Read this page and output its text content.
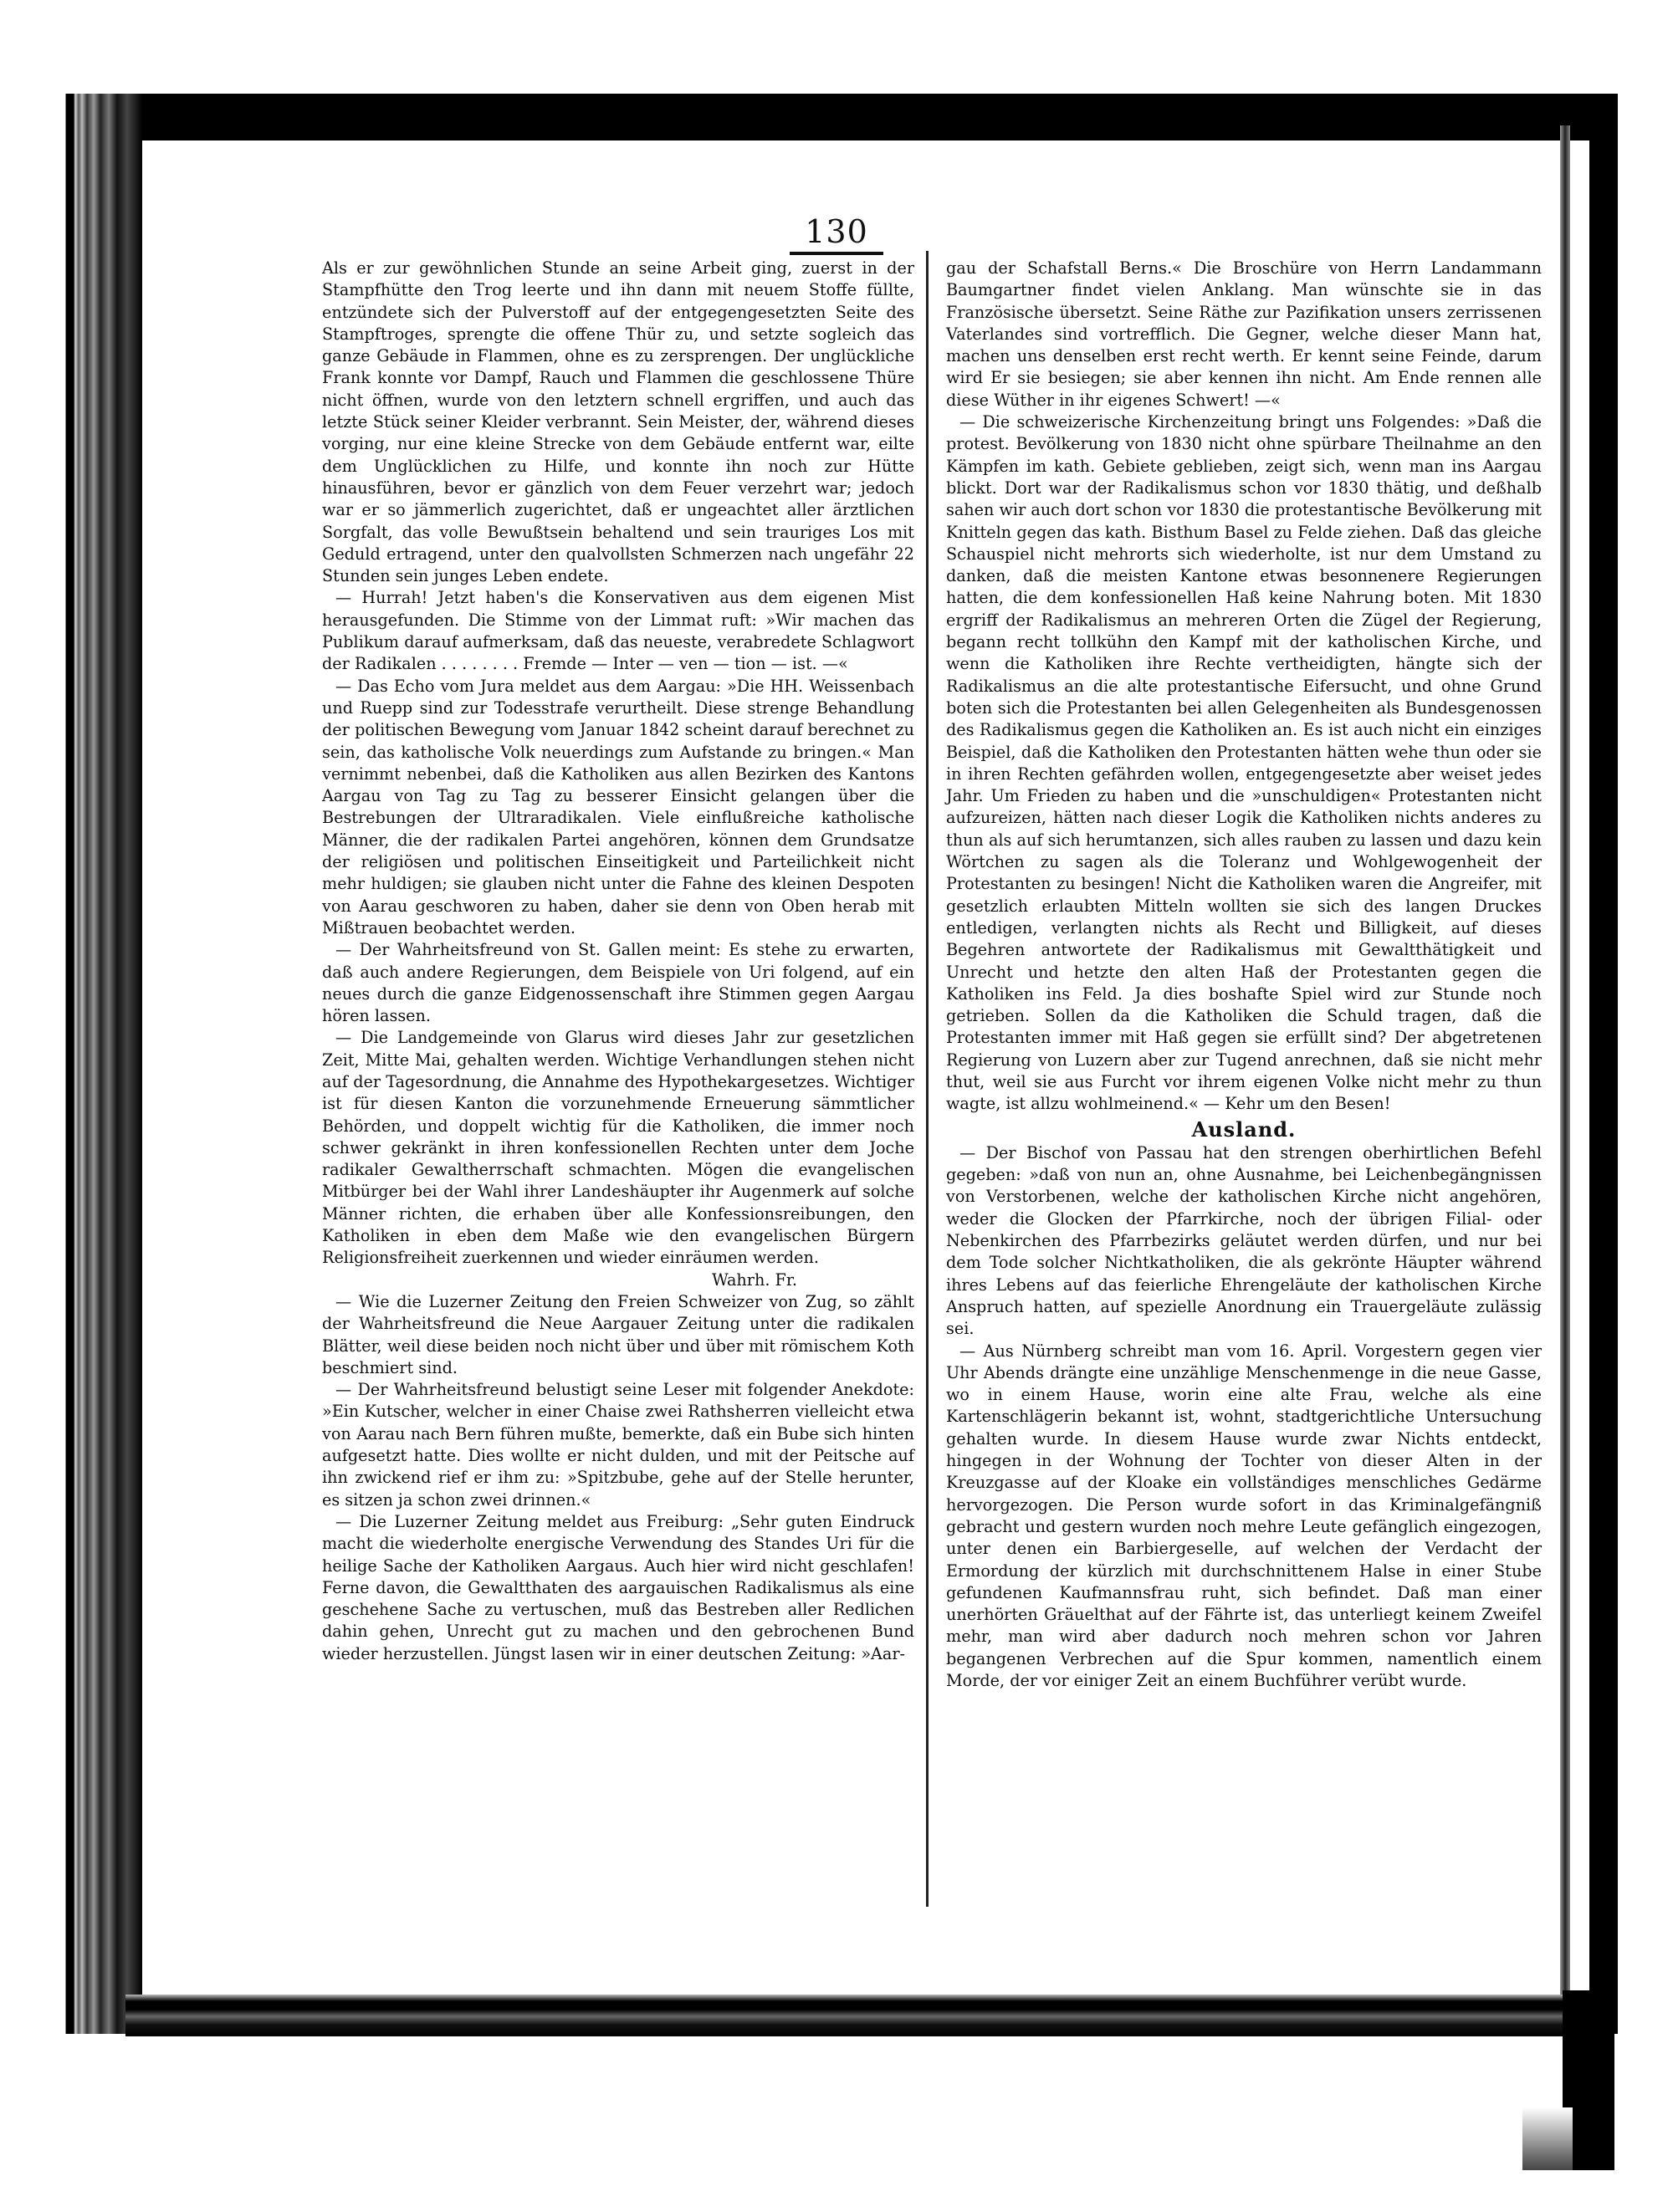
130

Als er zur gewöhnlichen Stunde an seine Arbeit ging, zuerst in der Stampfhütte den Trog leerte und ihn dann mit neuem Stoffe füllte, entzündete sich der Pulverstoff auf der entgegengesetzten Seite des Stampftroges, sprengte die offene Thür zu, und setzte sogleich das ganze Gebäude in Flammen, ohne es zu zersprengen. Der unglückliche Frank konnte vor Dampf, Rauch und Flammen die geschlossene Thüre nicht öffnen, wurde von den letztern schnell ergriffen, und auch das letzte Stück seiner Kleider verbrannt. Sein Meister, der, während dieses vorging, nur eine kleine Strecke von dem Gebäude entfernt war, eilte dem Unglücklichen zu Hilfe, und konnte ihn noch zur Hütte hinausführen, bevor er gänzlich von dem Feuer verzehrt war; jedoch war er so jämmerlich zugerichtet, daß er ungeachtet aller ärztlichen Sorgfalt, das volle Bewußtsein behaltend und sein trauriges Los mit Geduld ertragend, unter den qualvollsten Schmerzen nach ungefähr 22 Stunden sein junges Leben endete.

— Hurrah! Jetzt haben's die Konservativen aus dem eigenen Mist herausgefunden. Die Stimme von der Limmat ruft: »Wir machen das Publikum darauf aufmerksam, daß das neueste, verabredete Schlagwort der Radikalen . . . . . . . . Fremde — Inter — ven — tion — ist. —«

— Das Echo vom Jura meldet aus dem Aargau: »Die HH. Weissenbach und Ruepp sind zur Todesstrafe verurtheilt. Diese strenge Behandlung der politischen Bewegung vom Januar 1842 scheint darauf berechnet zu sein, das katholische Volk neuerdings zum Aufstande zu bringen.« Man vernimmt nebenbei, daß die Katholiken aus allen Bezirken des Kantons Aargau von Tag zu Tag zu besserer Einsicht gelangen über die Bestrebungen der Ultraradikalen. Viele einflußreiche katholische Männer, die der radikalen Partei angehören, können dem Grundsatze der religiösen und politischen Einseitigkeit und Parteilichkeit nicht mehr huldigen; sie glauben nicht unter die Fahne des kleinen Despoten von Aarau geschworen zu haben, daher sie denn von Oben herab mit Mißtrauen beobachtet werden.

— Der Wahrheitsfreund von St. Gallen meint: Es stehe zu erwarten, daß auch andere Regierungen, dem Beispiele von Uri folgend, auf ein neues durch die ganze Eidgenossenschaft ihre Stimmen gegen Aargau hören lassen.

— Die Landgemeinde von Glarus wird dieses Jahr zur gesetzlichen Zeit, Mitte Mai, gehalten werden. Wichtige Verhandlungen stehen nicht auf der Tagesordnung, die Annahme des Hypothekargesetzes. Wichtiger ist für diesen Kanton die vorzunehmende Erneuerung sämmtlicher Behörden, und doppelt wichtig für die Katholiken, die immer noch schwer gekränkt in ihren konfessionellen Rechten unter dem Joche radikaler Gewaltherrschaft schmachten. Mögen die evangelischen Mitbürger bei der Wahl ihrer Landeshäupter ihr Augenmerk auf solche Männer richten, die erhaben über alle Konfessionsreibungen, den Katholiken in eben dem Maße wie den evangelischen Bürgern Religionsfreiheit zuerkennen und wieder einräumen werden.

Wahrh. Fr.

— Wie die Luzerner Zeitung den Freien Schweizer von Zug, so zählt der Wahrheitsfreund die Neue Aargauer Zeitung unter die radikalen Blätter, weil diese beiden noch nicht über und über mit römischem Koth beschmiert sind.

— Der Wahrheitsfreund belustigt seine Leser mit folgender Anekdote: »Ein Kutscher, welcher in einer Chaise zwei Rathsherren vielleicht etwa von Aarau nach Bern führen mußte, bemerkte, daß ein Bube sich hinten aufgesetzt hatte. Dies wollte er nicht dulden, und mit der Peitsche auf ihn zwickend rief er ihm zu: »Spitzbube, gehe auf der Stelle herunter, es sitzen ja schon zwei drinnen.«

— Die Luzerner Zeitung meldet aus Freiburg: „Sehr guten Eindruck macht die wiederholte energische Verwendung des Standes Uri für die heilige Sache der Katholiken Aargaus. Auch hier wird nicht geschlafen! Ferne davon, die Gewaltthaten des aargauischen Radikalismus als eine geschehene Sache zu vertuschen, muß das Bestreben aller Redlichen dahin gehen, Unrecht gut zu machen und den gebrochenen Bund wieder herzustellen. Jüngst lasen wir in einer deutschen Zeitung: »Aar-

gau der Schafstall Berns.« Die Broschüre von Herrn Landammann Baumgartner findet vielen Anklang. Man wünschte sie in das Französische übersetzt. Seine Räthe zur Pazifikation unsers zerrissenen Vaterlandes sind vortrefflich. Die Gegner, welche dieser Mann hat, machen uns denselben erst recht werth. Er kennt seine Feinde, darum wird Er sie besiegen; sie aber kennen ihn nicht. Am Ende rennen alle diese Wüther in ihr eigenes Schwert! —«

— Die schweizerische Kirchenzeitung bringt uns Folgendes: »Daß die protest. Bevölkerung von 1830 nicht ohne spürbare Theilnahme an den Kämpfen im kath. Gebiete geblieben, zeigt sich, wenn man ins Aargau blickt. Dort war der Radikalismus schon vor 1830 thätig, und deßhalb sahen wir auch dort schon vor 1830 die protestantische Bevölkerung mit Knitteln gegen das kath. Bisthum Basel zu Felde ziehen. Daß das gleiche Schauspiel nicht mehrorts sich wiederholte, ist nur dem Umstand zu danken, daß die meisten Kantone etwas besonnenere Regierungen hatten, die dem konfessionellen Haß keine Nahrung boten. Mit 1830 ergriff der Radikalismus an mehreren Orten die Zügel der Regierung, begann recht tollkühn den Kampf mit der katholischen Kirche, und wenn die Katholiken ihre Rechte vertheidigten, hängte sich der Radikalismus an die alte protestantische Eifersucht, und ohne Grund boten sich die Protestanten bei allen Gelegenheiten als Bundesgenossen des Radikalismus gegen die Katholiken an. Es ist auch nicht ein einziges Beispiel, daß die Katholiken den Protestanten hätten wehe thun oder sie in ihren Rechten gefährden wollen, entgegengesetzte aber weiset jedes Jahr. Um Frieden zu haben und die »unschuldigen« Protestanten nicht aufzureizen, hätten nach dieser Logik die Katholiken nichts anderes zu thun als auf sich herumtanzen, sich alles rauben zu lassen und dazu kein Wörtchen zu sagen als die Toleranz und Wohlgewogenheit der Protestanten zu besingen! Nicht die Katholiken waren die Angreifer, mit gesetzlich erlaubten Mitteln wollten sie sich des langen Druckes entledigen, verlangten nichts als Recht und Billigkeit, auf dieses Begehren antwortete der Radikalismus mit Gewaltthätigkeit und Unrecht und hetzte den alten Haß der Protestanten gegen die Katholiken ins Feld. Ja dies boshafte Spiel wird zur Stunde noch getrieben. Sollen da die Katholiken die Schuld tragen, daß die Protestanten immer mit Haß gegen sie erfüllt sind? Der abgetretenen Regierung von Luzern aber zur Tugend anrechnen, daß sie nicht mehr thut, weil sie aus Furcht vor ihrem eigenen Volke nicht mehr zu thun wagte, ist allzu wohlmeinend.« — Kehr um den Besen!

Ausland.

— Der Bischof von Passau hat den strengen oberhirtlichen Befehl gegeben: »daß von nun an, ohne Ausnahme, bei Leichenbegängnissen von Verstorbenen, welche der katholischen Kirche nicht angehören, weder die Glocken der Pfarrkirche, noch der übrigen Filial- oder Nebenkirchen des Pfarrbezirks geläutet werden dürfen, und nur bei dem Tode solcher Nichtkatholiken, die als gekrönte Häupter während ihres Lebens auf das feierliche Ehrengeläute der katholischen Kirche Anspruch hatten, auf spezielle Anordnung ein Trauergeläute zulässig sei.

— Aus Nürnberg schreibt man vom 16. April. Vorgestern gegen vier Uhr Abends drängte eine unzählige Menschenmenge in die neue Gasse, wo in einem Hause, worin eine alte Frau, welche als eine Kartenschlägerin bekannt ist, wohnt, stadtgerichtliche Untersuchung gehalten wurde. In diesem Hause wurde zwar Nichts entdeckt, hingegen in der Wohnung der Tochter von dieser Alten in der Kreuzgasse auf der Kloake ein vollständiges menschliches Gedärme hervorgezogen. Die Person wurde sofort in das Kriminalgefängniß gebracht und gestern wurden noch mehre Leute gefänglich eingezogen, unter denen ein Barbiergeselle, auf welchen der Verdacht der Ermordung der kürzlich mit durchschnittenem Halse in einer Stube gefundenen Kaufmannsfrau ruht, sich befindet. Daß man einer unerhörten Gräuelthat auf der Fährte ist, das unterliegt keinem Zweifel mehr, man wird aber dadurch noch mehren schon vor Jahren begangenen Verbrechen auf die Spur kommen, namentlich einem Morde, der vor einiger Zeit an einem Buchführer verübt wurde.
